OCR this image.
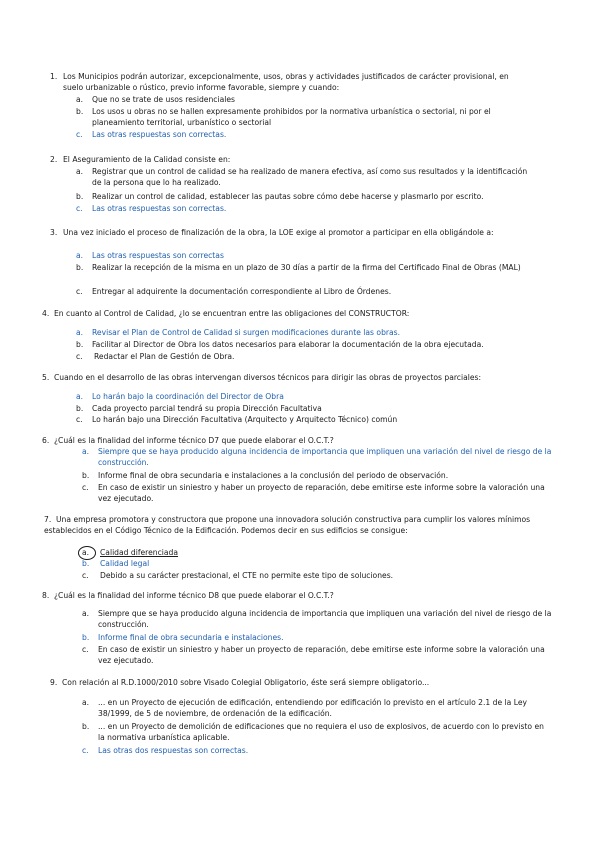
1. Los Municipios podrán autorizar, excepcionalmente, usos, obras y actividades justificados de carácter provisional, en suelo urbanizable o rústico, previo informe favorable, siempre y cuando:
a.	Que no se trate de usos residenciales
b.	Los usos u obras no se hallen expresamente prohibidos por la normativa urbanística o sectorial, ni por el planeamiento territorial, urbanístico o sectorial
c.	Las otras respuestas son correctas.
2. El Aseguramiento de la Calidad consiste en:
a.	Registrar que un control de calidad se ha realizado de manera efectiva, así como sus resultados y la identificación de la persona que lo ha realizado.
b.	Realizar un control de calidad, establecer las pautas sobre cómo debe hacerse y plasmarlo por escrito.
c.	Las otras respuestas son correctas.
3. Una vez iniciado el proceso de finalización de la obra, la LOE exige al promotor a participar en ella obligándole a:
a.	Las otras respuestas son correctas
b.	Realizar la recepción de la misma en un plazo de 30 días a partir de la firma del Certificado Final de Obras (MAL)
c.	Entregar al adquirente la documentación correspondiente al Libro de Órdenes.
4. En cuanto al Control de Calidad, ¿lo se encuentran entre las obligaciones del CONSTRUCTOR:
a.	Revisar el Plan de Control de Calidad si surgen modificaciones durante las obras.
b.	Facilitar al Director de Obra los datos necesarios para elaborar la documentación de la obra ejecutada.
c.	Redactar el Plan de Gestión de Obra.
5. Cuando en el desarrollo de las obras intervengan diversos técnicos para dirigir las obras de proyectos parciales:
a.	Lo harán bajo la coordinación del Director de Obra
b.	Cada proyecto parcial tendrá su propia Dirección Facultativa
c.	Lo harán bajo una Dirección Facultativa (Arquitecto y Arquitecto Técnico) común
6. ¿Cuál es la finalidad del informe técnico D7 que puede elaborar el O.C.T.?
a.	Siempre que se haya producido alguna incidencia de importancia que impliquen una variación del nivel de riesgo de la construcción.
b.	Informe final de obra secundaria e instalaciones a la conclusión del periodo de observación.
c.	En caso de existir un siniestro y haber un proyecto de reparación, debe emitirse este informe sobre la valoración una vez ejecutado.
7. Una empresa promotora y constructora que propone una innovadora solución constructiva para cumplir los valores mínimos establecidos en el Código Técnico de la Edificación. Podemos decir en sus edificios se consigue:
a.	Calidad diferenciada
b.	Calidad legal
c.	Debido a su carácter prestacional, el CTE no permite este tipo de soluciones.
8. ¿Cuál es la finalidad del informe técnico D8 que puede elaborar el O.C.T.?
a.	Siempre que se haya producido alguna incidencia de importancia que impliquen una variación del nivel de riesgo de la construcción.
b.	Informe final de obra secundaria e instalaciones.
c.	En caso de existir un siniestro y haber un proyecto de reparación, debe emitirse este informe sobre la valoración una vez ejecutado.
9. Con relación al R.D.1000/2010 sobre Visado Colegial Obligatorio, éste será siempre obligatorio...
a.	... en un Proyecto de ejecución de edificación, entendiendo por edificación lo previsto en el artículo 2.1 de la Ley 38/1999, de 5 de noviembre, de ordenación de la edificación.
b.	... en un Proyecto de demolición de edificaciones que no requiera el uso de explosivos, de acuerdo con lo previsto en la normativa urbanística aplicable.
c.	Las otras dos respuestas son correctas.
